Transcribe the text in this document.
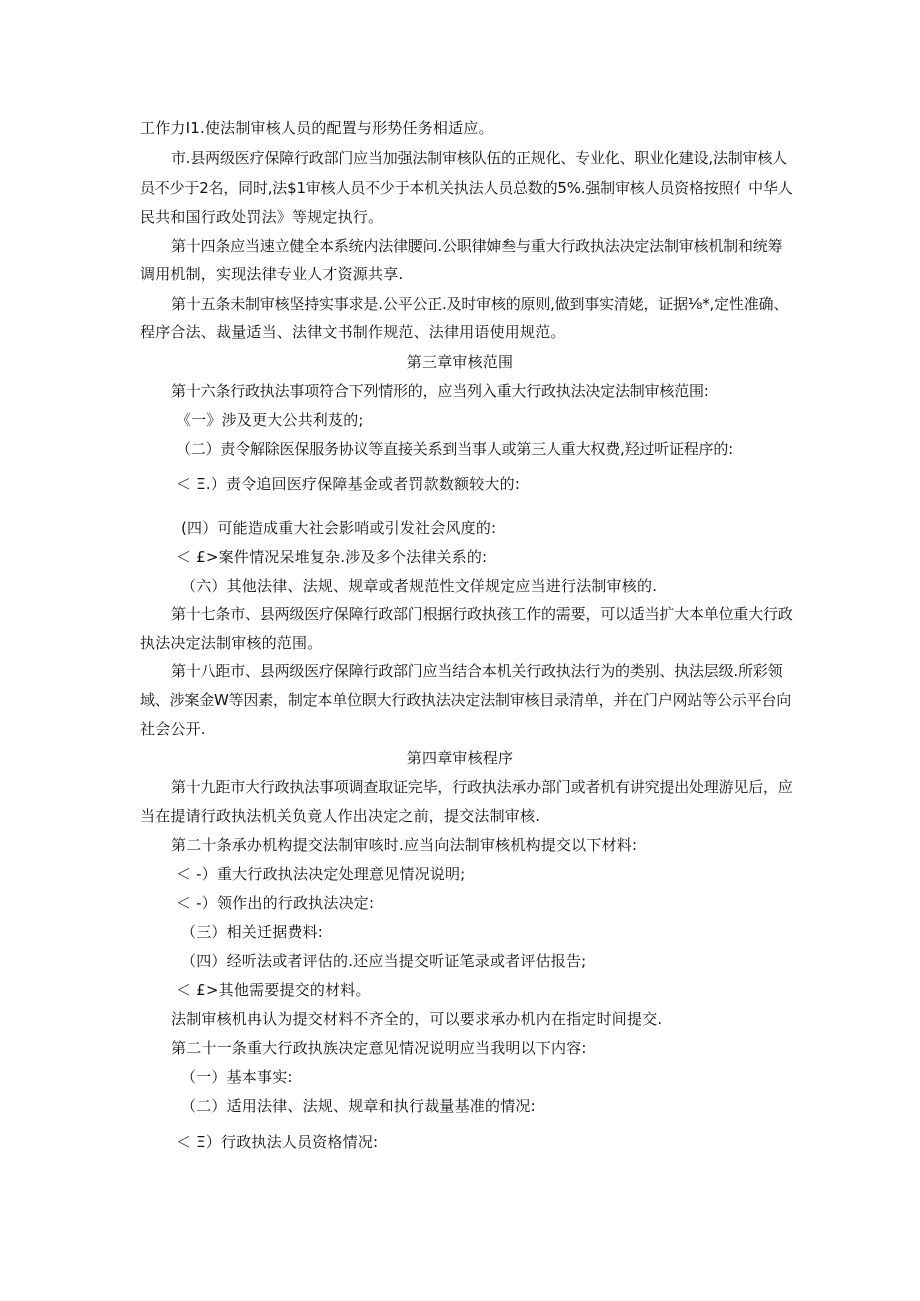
工作力I1.使法制审核人员的配置与形势任务相适应。
市.县两级医疗保障行政部门应当加强法制审核队伍的正规化、专业化、职业化建设,法制审核人
员不少于2名，同时,法$1审核人员不少于本机关执法人员总数的5%.强制审核人员资格按照亻中华人
民共和国行政处罚法》等规定执行。
第十四条应当速立健全本系统内法律腰问.公职律婶叁与重大行政执法决定法制审核机制和统筹
调用机制，实现法律专业人才资源共享.
第十五条未制审核坚持实事求是.公平公正.及时审核的原则,做到事实清姥，证据⅛*,定性准确、
程序合法、裁量适当、法律文书制作规范、法律用语使用规范。
第三章审核范围
第十六条行政执法事项符合下列情形的，应当列入重大行政执法决定法制审核范围:
《一》涉及更大公共利芨的;
（二）责令解除医保服务协议等直接关系到当事人或第三人重大权费,羟过听证程序的:
＜ Ξ.）责令追回医疗保障基金或者罚款数额较大的:
(四）可能造成重大社会影哨或引发社会风度的:
＜ £>案件情况呆堆复杂.涉及多个法律关系的:
（六）其他法律、法规、规章或者规范性文佯规定应当进行法制审核的.
第十七条市、县两级医疗保障行政部门根据行政执孩工作的需要，可以适当扩大本单位重大行政
执法决定法制审核的范围。
第十八距市、县两级医疗保障行政部门应当结合本机关行政执法行为的类别、执法层级.所彩领
域、涉案金W等因素，制定本单位瞑大行政执法决定法制审核目录清单，并在门户网站等公示平台向
社会公开.
第四章审核程序
第十九距市大行政执法事项调查取证完毕，行政执法承办部门或者机有讲究提出处理游见后，应
当在提请行政执法机关负竟人作出决定之前，提交法制审核.
第二十条承办机构提交法制审咳时.应当向法制审核机构提交以下材料:
＜ -）重大行政执法决定处理意见情况说明;
＜ -）领作出的行政执法决定:
（三）相关迁据费料:
（四）经听法或者评估的.还应当提交听证笔录或者评估报告;
＜ £>其他需要提交的材料。
法制审核机冉认为提交材料不齐全的，可以要求承办机内在指定时间提交.
第二十一条重大行政执族决定意见情况说明应当我明以下内容:
（一）基本事实:
（二）适用法律、法规、规章和执行裁量基准的情况:
＜ Ξ）行政执法人员资格情况:
